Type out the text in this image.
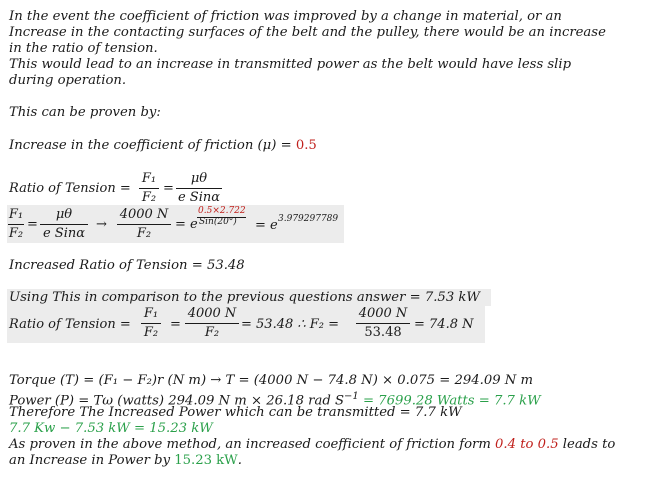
In the event the coefficient of friction was improved by a change in material, or an
Increase in the contacting surfaces of the belt and the pulley, there would be an increase
in the ratio of tension.
This would lead to an increase in transmitted power as the belt would have less slip
during operation.
This can be proven by:
Increase in the coefficient of friction (μ) = 0.5
Ratio of Tension =
F₁
F₂
=
μθ
e Sinα
F₁
F₂
=
μθ
e Sinα
→
4000 N
F₂
= e
0.5×2.722
Sin(20°) = e 3.979297789
Increased Ratio of Tension = 53.48
Using This in comparison to the previous questions answer = 7.53 kW
Ratio of Tension =
F₁
F₂
=
4000 N
F₂
= 53.48 ∴ F₂ =
4000 N
53.48
= 74.8 N
Torque (T) = (F₁ − F₂)r (N m) → T = (4000 N − 74.8 N) × 0.075 = 294.09 N m
Power (P) = Tω (watts) 294.09 N m × 26.18 rad $S^{-1} = 7699.28$ Watts = 7.7 kW
Therefore The Increased Power which can be transmitted = 7.7 kW
7.7 Kw − 7.53 kW = 15.23 kW
As proven in the above method, an increased coefficient of friction form 0.4 to 0.5 leads to
an Increase in Power by 15.23 kW.
